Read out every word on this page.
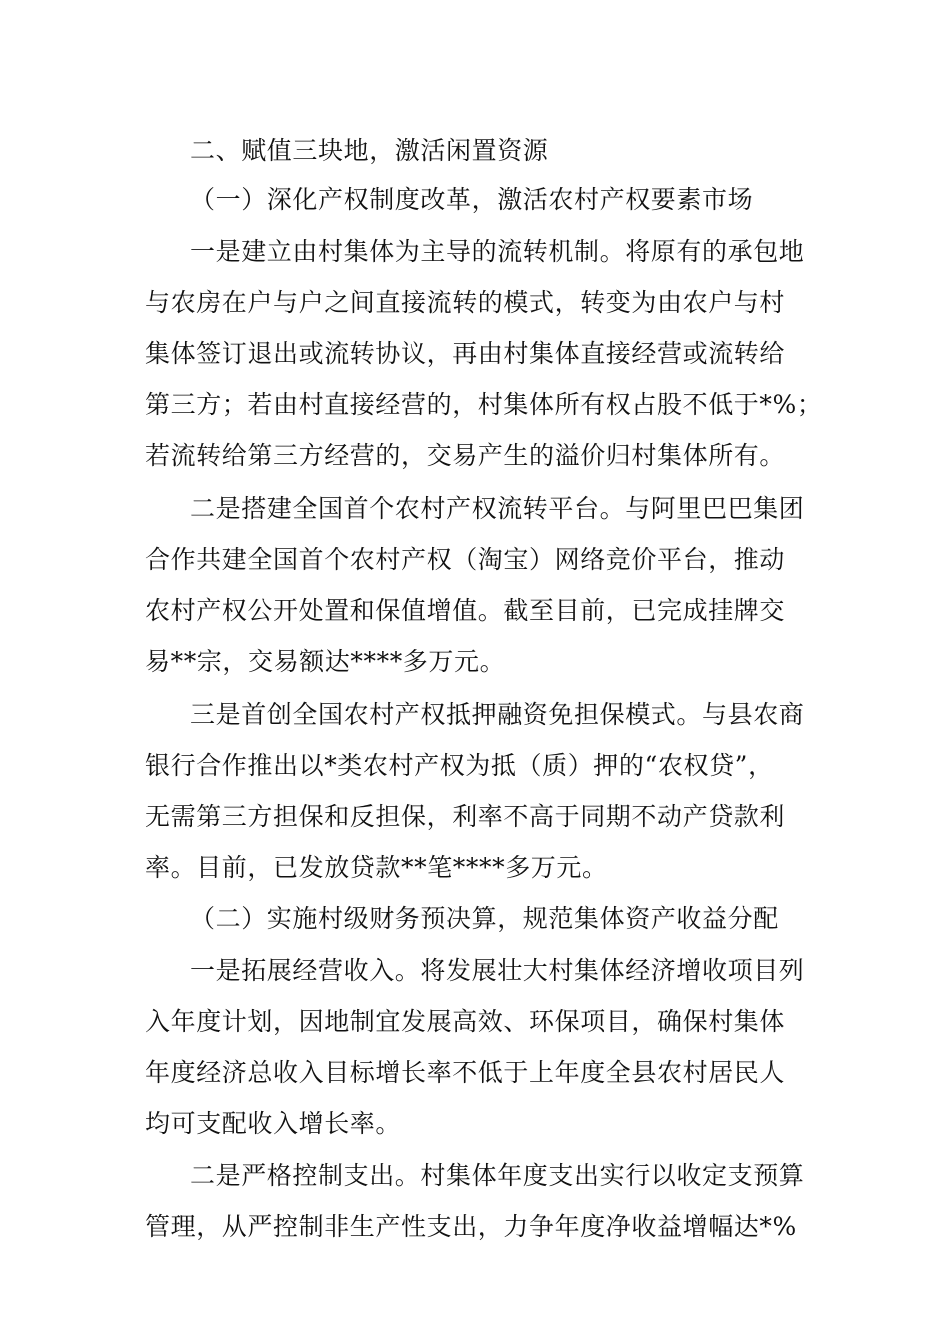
二、赋值三块地，激活闲置资源
（一）深化产权制度改革，激活农村产权要素市场
一是建立由村集体为主导的流转机制。将原有的承包地
与农房在户与户之间直接流转的模式，转变为由农户与村
集体签订退出或流转协议，再由村集体直接经营或流转给
第三方；若由村直接经营的，村集体所有权占股不低于*%；
若流转给第三方经营的，交易产生的溢价归村集体所有。
二是搭建全国首个农村产权流转平台。与阿里巴巴集团
合作共建全国首个农村产权（淘宝）网络竞价平台，推动
农村产权公开处置和保值增值。截至目前，已完成挂牌交
易**宗，交易额达****多万元。
三是首创全国农村产权抵押融资免担保模式。与县农商
银行合作推出以*类农村产权为抵（质）押的“农权贷”，
无需第三方担保和反担保，利率不高于同期不动产贷款利
率。目前，已发放贷款**笔****多万元。
（二）实施村级财务预决算，规范集体资产收益分配
一是拓展经营收入。将发展壮大村集体经济增收项目列
入年度计划，因地制宜发展高效、环保项目，确保村集体
年度经济总收入目标增长率不低于上年度全县农村居民人
均可支配收入增长率。
二是严格控制支出。村集体年度支出实行以收定支预算
管理，从严控制非生产性支出，力争年度净收益增幅达*%
